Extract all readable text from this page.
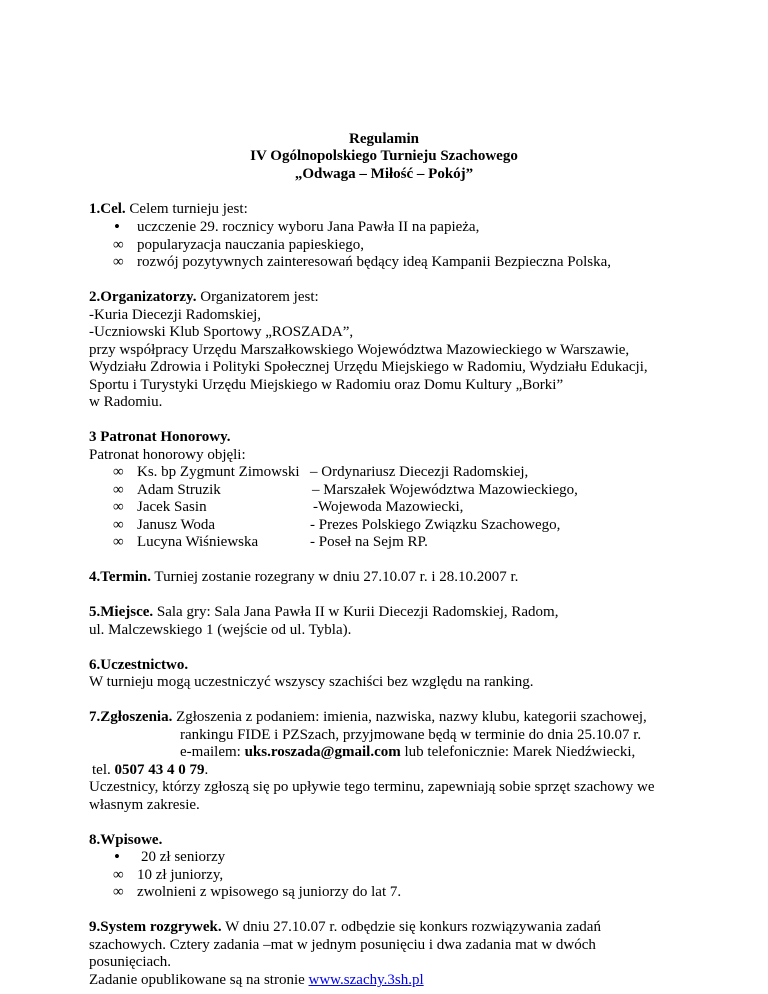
Regulamin
IV Ogólnopolskiego Turnieju Szachowego
„Odwaga – Miłość – Pokój”
1.Cel. Celem turnieju jest:
• uczczenie 29. rocznicy wyboru Jana Pawła II na papieża,
∞ popularyzacja nauczania papieskiego,
∞ rozwój pozytywnych zainteresowań będący ideą Kampanii Bezpieczna Polska,
2.Organizatorzy. Organizatorem jest:
-Kuria Diecezji Radomskiej,
-Uczniowski Klub Sportowy „ROSZADA”,
przy współpracy Urzędu Marszałkowskiego Województwa Mazowieckiego w Warszawie,
Wydziału Zdrowia i Polityki Społecznej Urzędu Miejskiego w Radomiu, Wydziału Edukacji,
Sportu i Turystyki Urzędu Miejskiego w Radomiu oraz Domu Kultury „Borki”
w Radomiu.
3 Patronat Honorowy.
Patronat honorowy objęli:
∞ Ks. bp Zygmunt Zimowski – Ordynariusz Diecezji Radomskiej,
∞ Adam Struzik	– Marszałek Województwa Mazowieckiego,
∞ Jacek Sasin	-Wojewoda Mazowiecki,
∞ Janusz Woda	- Prezes Polskiego Związku Szachowego,
∞ Lucyna Wiśniewska	- Poseł na Sejm RP.
4.Termin. Turniej zostanie rozegrany w dniu 27.10.07 r. i 28.10.2007 r.
5.Miejsce. Sala gry: Sala Jana Pawła II w Kurii Diecezji Radomskiej, Radom,
ul. Malczewskiego 1 (wejście od ul. Tybla).
6.Uczestnictwo.
W turnieju mogą uczestniczyć wszyscy szachiści bez względu na ranking.
7.Zgłoszenia. Zgłoszenia z podaniem: imienia, nazwiska, nazwy klubu, kategorii szachowej,
rankingu FIDE i PZSzach, przyjmowane będą w terminie do dnia 25.10.07 r.
e-mailem: uks.roszada@gmail.com lub telefonicznie: Marek Niedźwiecki,
tel. 0507 43 4 0 79.
Uczestnicy, którzy zgłoszą się po upływie tego terminu, zapewniają sobie sprzęt szachowy we
własnym zakresie.
8.Wpisowe.
• 20 zł seniorzy
∞ 10 zł juniorzy,
∞ zwolnieni z wpisowego są juniorzy do lat 7.
9.System rozgrywek. W dniu 27.10.07 r. odbędzie się konkurs rozwiązywania zadań
szachowych. Cztery zadania –mat w jednym posunięciu i dwa zadania mat w dwóch
posunięciach.
Zadanie opublikowane są na stronie www.szachy.3sh.pl
